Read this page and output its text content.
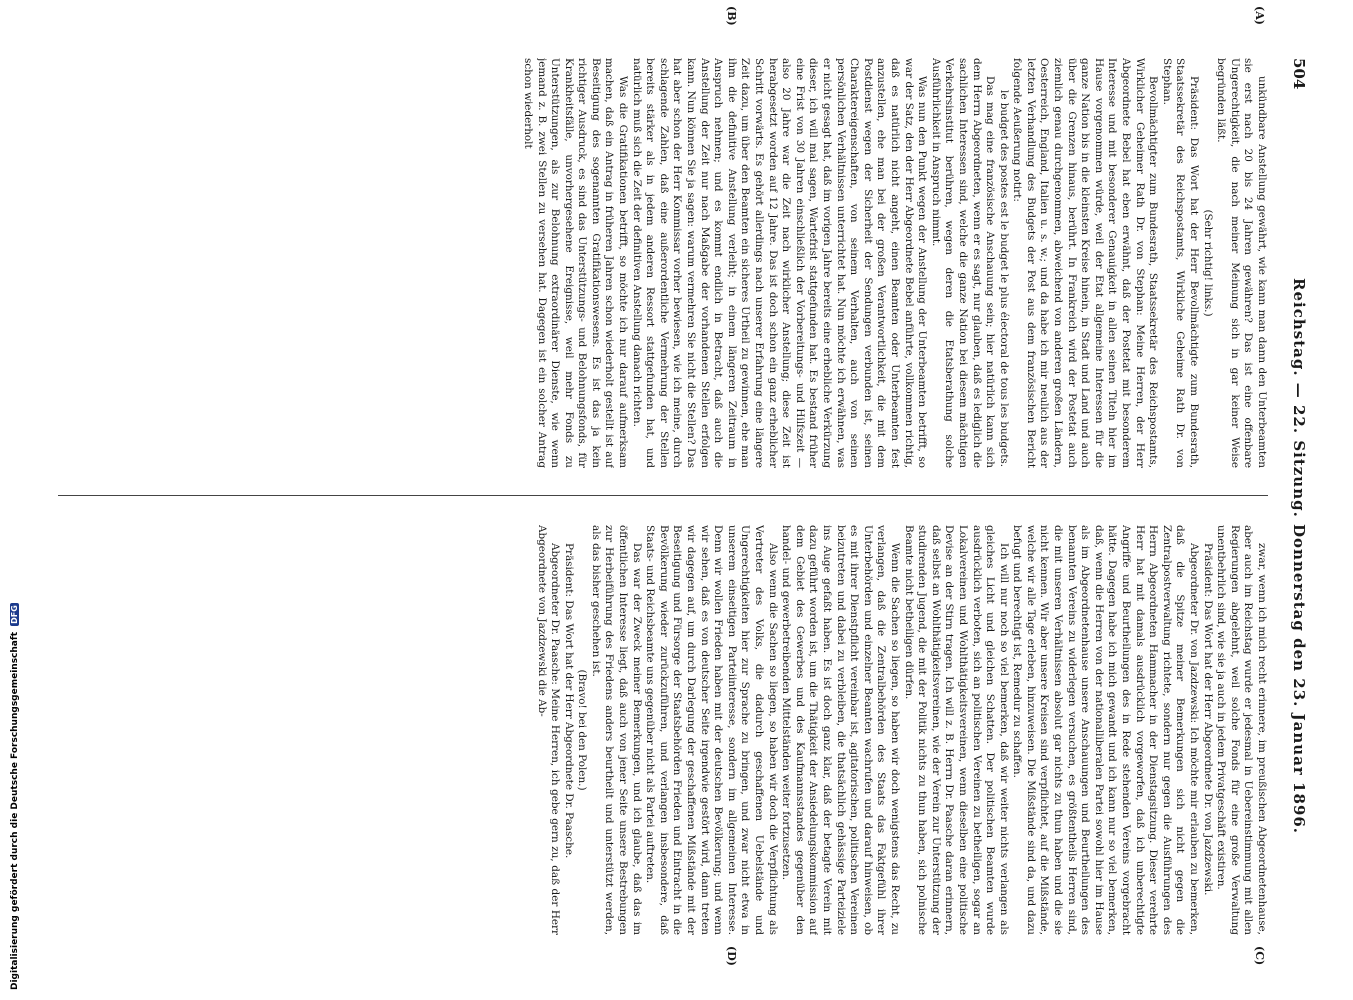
Digitalisierung gefördert durch die Deutsche ForschungsgemeinschaftDFG
504
Reichstag. — 22. Sitzung. Donnerstag den 23. Januar 1896.
(A)
(B)
(C)
(D)

unkündbare Anstellung gewährt, wie kann man dann den Unterbeamten sie erst nach 20 bis 24 Jahren gewähren? Das ist eine offenbare Ungerechtigkeit, die nach meiner Meinung sich in gar keiner Weise begründen läßt.

(Sehr richtig! links.)

Präsident: Das Wort hat der Herr Bevollmächtigte zum Bundesrath, Staatssekretär des Reichspostamts, Wirkliche Geheime Rath Dr. von Stephan.

Bevollmächtigter zum Bundesrath, Staatssekretär des Reichspostamts, Wirklicher Geheimer Rath Dr. von Stephan: Meine Herren, der Herr Abgeordnete Bebel hat eben erwähnt, daß der Postetat mit besonderem Interesse und mit besonderer Genauigkeit in allen seinen Titeln hier im Hause vorgenommen würde, weil der Etat allgemeine Interessen für die ganze Nation bis in die kleinsten Kreise hinein, in Stadt und Land und auch über die Grenzen hinaus, berührt. In Frankreich wird der Postetat auch ziemlich genau durchgenommen, abweichend von anderen großen Ländern, Oesterreich, England, Italien u. s. w.; und da habe ich mir neulich aus der letzten Verhandlung des Budgets der Post aus dem französischen Bericht folgende Aeußerung notirt:

le budget des postes est le budget le plus électoral de tous les budgets.

Das mag eine französische Anschauung sein; hier natürlich kann sich dem Herrn Abgeordneten, wenn er es sagt, nur glauben, daß es lediglich die sachlichen Interessen sind, welche die ganze Nation bei diesem mächtigen Verkehrsinstitut berühren, wegen deren die Etatsberathung solche Ausführlichkeit in Anspruch nimmt.

Was nun den Punkt wegen der Anstellung der Unterbeamten betrifft, so war der Satz, den der Herr Abgeordnete Bebel anführte, vollkommen richtig, daß es natürlich nicht angeht, einen Beamten oder Unterbeamten fest anzustellen, ehe man bei der großen Verantwortlichkeit, die mit dem Postdienst wegen der Sicherheit der Sendungen verbunden ist, seinen Charaktereigenschaften, von seinem Verhalten, auch von seinen persönlichen Verhältnissen unterrichtet hat. Nun möchte ich erwähnen, was er nicht gesagt hat, daß im vorigen Jahre bereits eine erhebliche Verkürzung dieser, ich will mal sagen, Wartefrist stattgefunden hat. Es bestand früher eine Frist von 30 Jahren einschließlich der Vorbereitungs- und Hilfszeit — also 20 Jahre war die Zeit nach wirklicher Anstellung; diese Zeit ist herabgesetzt worden auf 12 Jahre. Das ist doch schon ein ganz erheblicher Schritt vorwärts. Es gehört allerdings nach unserer Erfahrung eine längere Zeit dazu, um über den Beamten ein sicheres Urtheil zu gewinnen, ehe man ihm die definitive Anstellung verleiht; in einem längeren Zeitraum in Anspruch nehmen; und es kommt endlich in Betracht, daß auch die Anstellung der Zeit nur nach Maßgabe der vorhandenen Stellen erfolgen kann. Nun können Sie ja sagen: warum vermehren Sie nicht die Stellen? Das hat aber schon der Herr Kommissar vorher bewiesen, wie ich meine, durch schlagende Zahlen, daß eine außerordentliche Vermehrung der Stellen bereits stärker als in jedem anderen Ressort stattgefunden hat, und natürlich muß sich die Zeit der definitiven Anstellung danach richten.

Was die Gratifikationen betrifft, so möchte ich nur darauf aufmerksam machen, daß ein Antrag in früheren Jahren schon wiederholt gestellt ist auf Beseitigung des sogenannten Gratifikationswesens. Es ist das ja kein richtiger Ausdruck, es sind das Unterstützungs- und Belohnungsfonds, für Krankheitsfälle, unvorhergesehene Ereignisse, weil mehr Fonds zu Unterstützungen, als zur Belohnung extraordinärer Dienste, wie wenn jemand z. B. zwei Stellen zu versehen hat. Dagegen ist ein solcher Antrag schon wiederholt

zwar, wenn ich mich recht erinnere, im preußischen Abgeordnetenhause, aber auch im Reichstag wurde er jedesmal in Uebereinstimmung mit allen Regierungen abgelehnt, weil solche Fonds für eine große Verwaltung unentbehrlich sind, wie sie ja auch in jedem Privatgeschäft existiren.

Präsident: Das Wort hat der Herr Abgeordnete Dr. von Jazdzewski.

Abgeordneter Dr. von Jazdzewski: Ich möchte mir erlauben zu bemerken, daß die Spitze meiner Bemerkungen sich nicht gegen die Zentralpostverwaltung richtete, sondern nur gegen die Ausführungen des Herrn Abgeordneten Hammacher in der Dienstagsitzung. Dieser verehrte Herr hat mit damals ausdrücklich vorgeworfen, daß ich unberechtigte Angriffe und Beurtheilungen des in Rede stehenden Vereins vorgebracht hätte. Dagegen habe ich mich gewandt und ich kann nur so viel bemerken, daß, wenn die Herren von der nationalliberalen Partei sowohl hier im Hause als im Abgeordnetenhause unsere Anschauungen und Beurtheilungen des benannten Vereins zu widerlegen versuchen, es größtentheils Herren sind, die mit unseren Verhältnissen absolut gar nichts zu thun haben und die sie nicht kennen. Wir aber unsere Kreisen sind verpflichtet, auf die Mißstände, welche wir alle Tage erleben, hinzuweisen. Die Mißstände sind da, und dazu befugt und berechtigt ist, Remedur zu schaffen.

Ich will nur noch so viel bemerken, daß wir weiter nichts verlangen als gleiches Licht und gleichen Schatten. Der politischen Beamten wurde ausdrücklich verboten, sich an politischen Vereinen zu betheiligen, sogar an Lokalvereinen und Wohlthätigkeitsvereinen, wenn dieselben eine politische Devise an der Stirn tragen. Ich will z. B. Herrn Dr. Paasche daran erinnern, daß selbst an Wohlthätigkeitsvereinen, wie der Verein zur Unterstützung der studirenden Jugend, die mit der Politik nichts zu thun haben, sich polnische Beamte nicht betheiligen dürfen.

Wenn die Sachen so liegen, so haben wir doch wenigstens das Recht, zu verlangen, daß die Zentralbehörden des Staats das Faktgefühl ihrer Unterbehörden und einzelner Beamten wachrufen und darauf hinweisen, ob es mit ihrer Dienstpflicht vereinbar ist, agitatorischen, politischen Vereinen beizutreten und dabei zu verbleiben, die thatsächlich gehässige Parteiziele ins Auge gefaßt haben. Es ist doch ganz klar, daß der betagte Verein mit dazu geführt worden ist, um die Thätigkeit der Ansiedelungskommission auf dem Gebiet des Gewerbes und des Kaufmannsstandes gegenüber den handel- und gewerbetreibenden Mittelständen weiter fortzusetzen.

Also wenn die Sachen so liegen, so haben wir doch die Verpflichtung als Vertreter des Volks, die dadurch geschaffenen Uebelstände und Ungerechtigkeiten hier zur Sprache zu bringen, und zwar nicht etwa in unserem einseitigen Parteiinteresse, sondern im allgemeinen Interesse. Denn wir wollen Frieden haben mit der deutschen Bevölkerung; und wenn wir sehen, daß es von deutscher Seite irgendwie gestört wird, dann treten wir dagegen auf, um durch Darlegung der geschaffenen Mißstände mit der Beseitigung und Fürsorge der Staatsbehörden Frieden und Eintracht in die Bevölkerung wieder zurückzuführen, und verlangen insbesondere, daß Staats- und Reichsbeamte uns gegenüber nicht als Partei auftreten.

Das war der Zweck meiner Bemerkungen, und ich glaube, daß das im öffentlichen Interesse liegt, daß auch von jener Seite unsere Bestrebungen zur Herbeiführung des Friedens anders beurtheilt und unterstützt werden, als das bisher geschehen ist.

(Bravo! bei den Polen.)

Präsident: Das Wort hat der Herr Abgeordnete Dr. Paasche.

Abgeordneter Dr. Paasche: Meine Herren, ich gebe gern zu, daß der Herr Abgeordnete von Jazdzewski die Ab-
